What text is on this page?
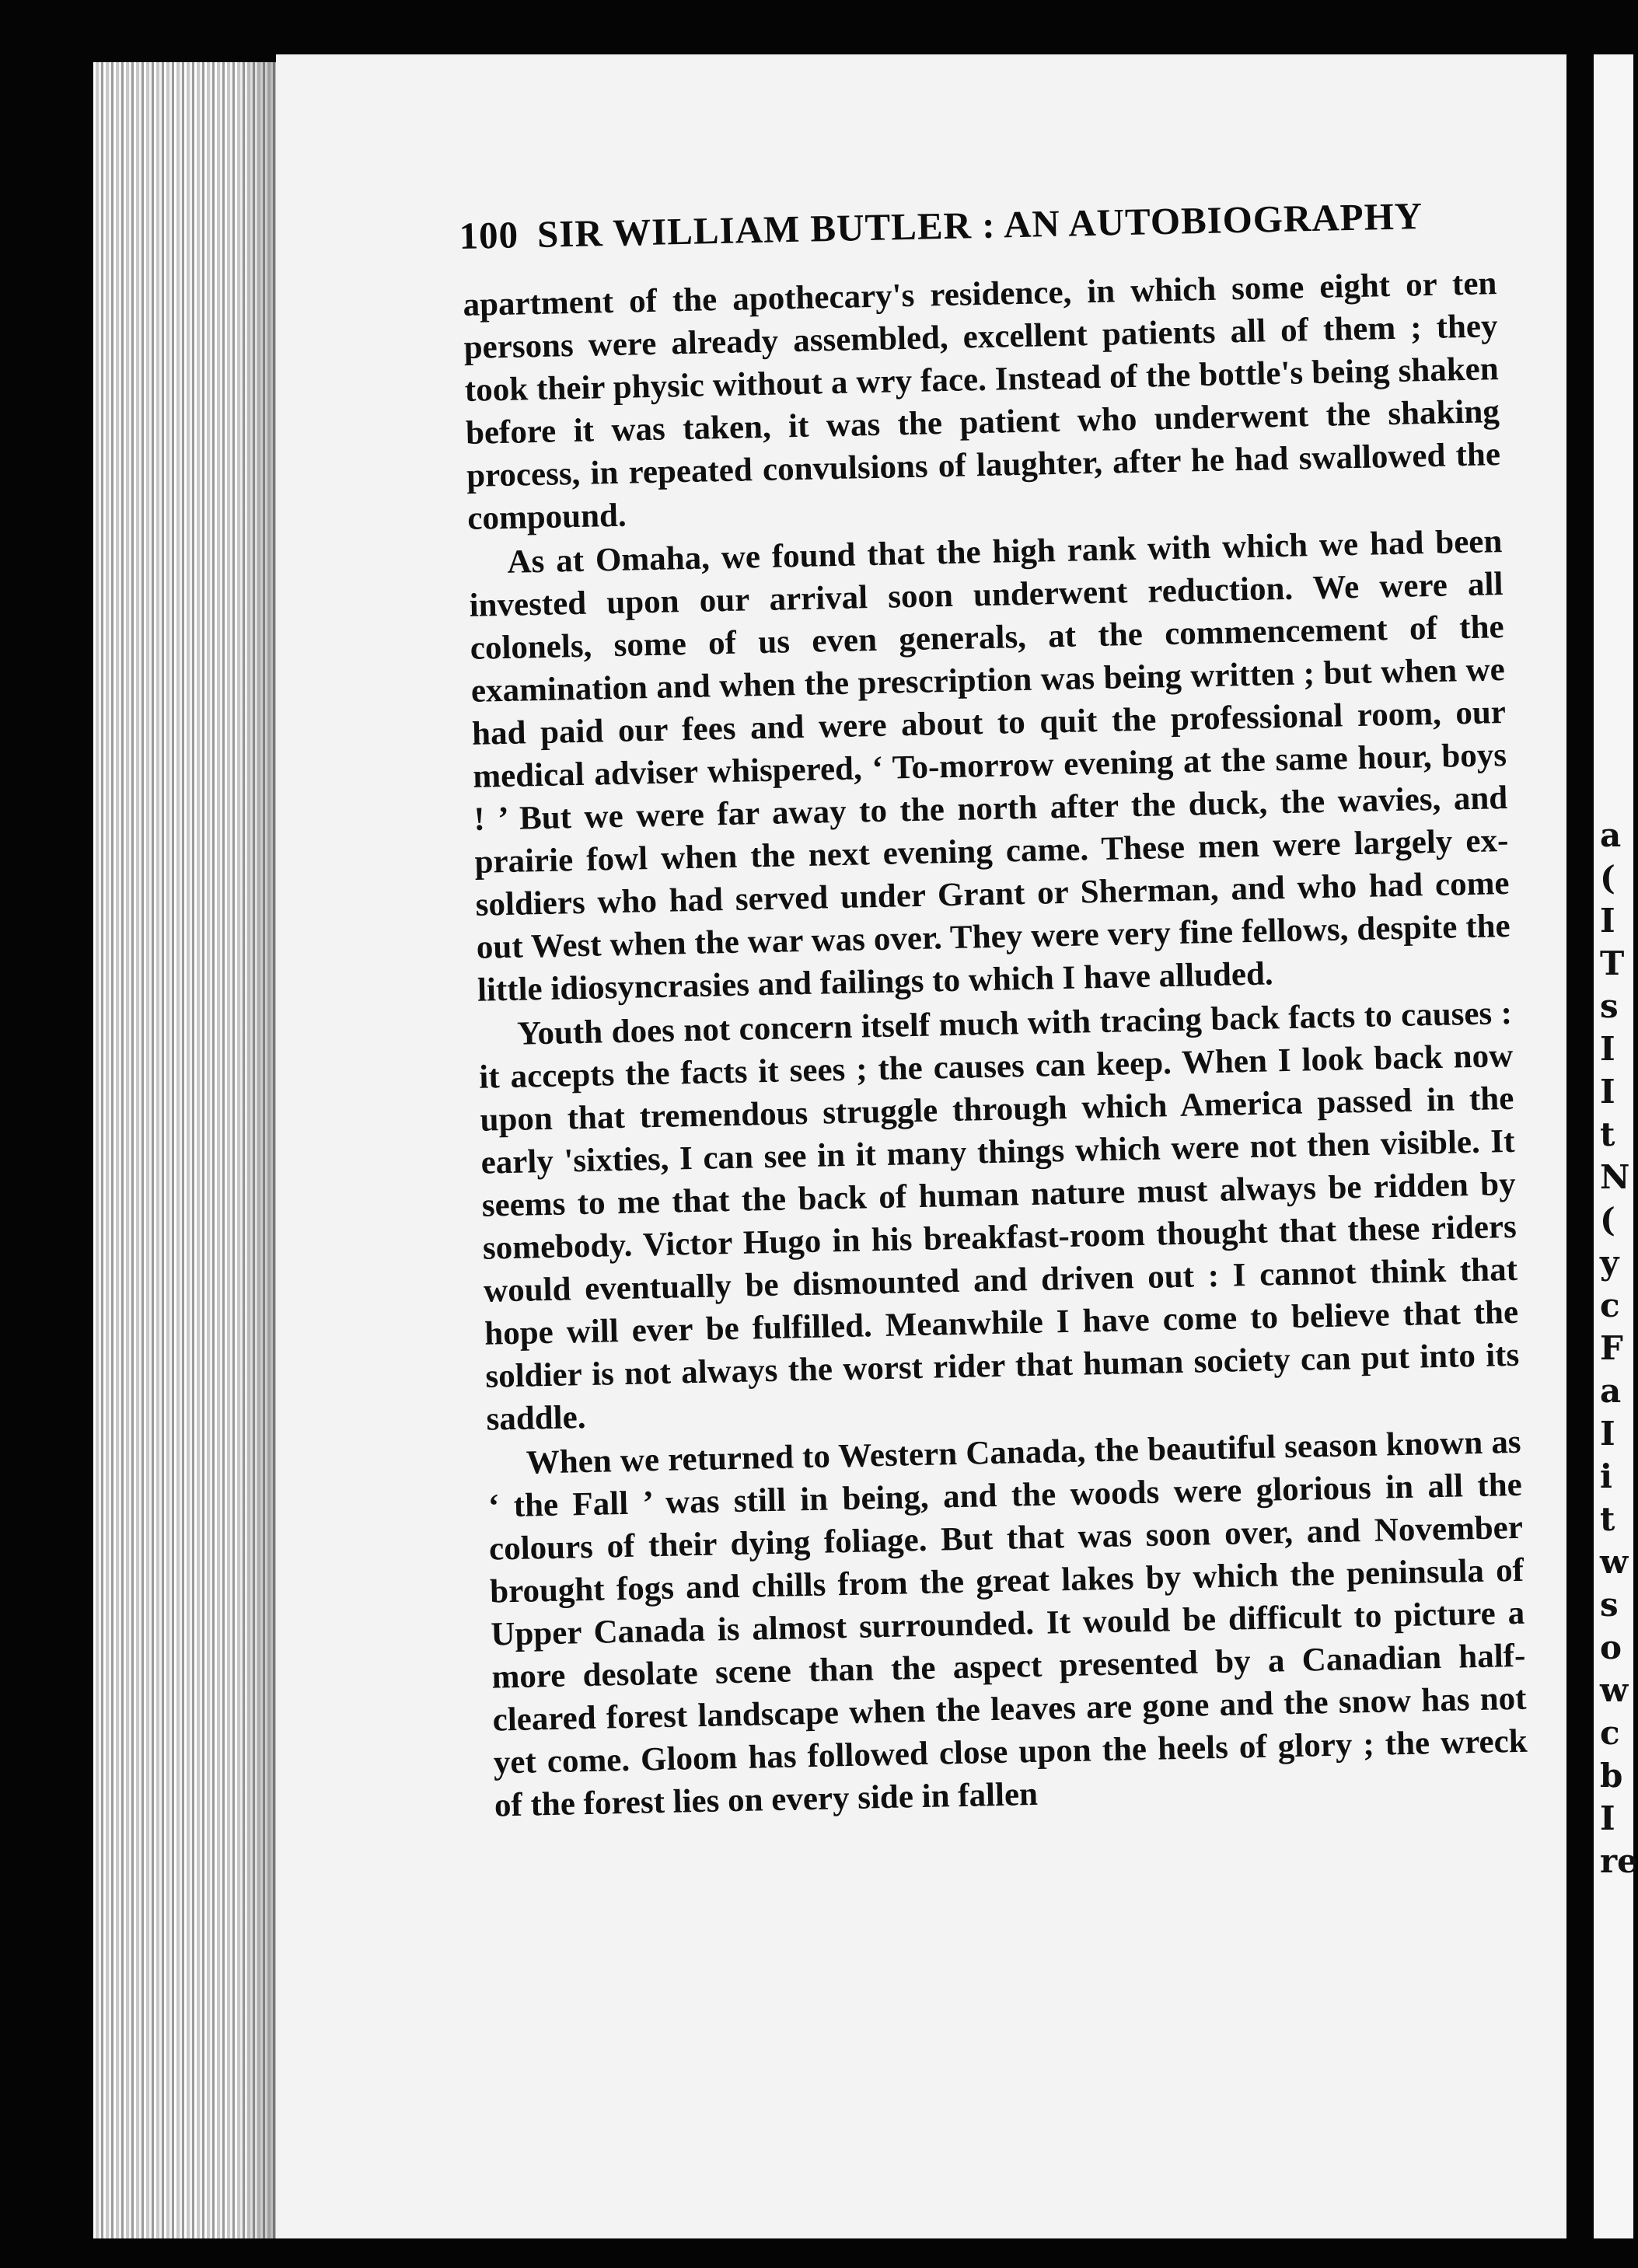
a
(
I
T
s
I
I
t
N
(
y
c
F
a
I
i
t
w
s
o
w
c
b
I
re
100 SIR WILLIAM BUTLER : AN AUTOBIOGRAPHY

apartment of the apothecary's residence, in which some eight or ten persons were already assembled, excellent patients all of them ; they took their physic without a wry face. Instead of the bottle's being shaken before it was taken, it was the patient who underwent the shaking process, in repeated convulsions of laughter, after he had swallowed the compound.

As at Omaha, we found that the high rank with which we had been invested upon our arrival soon underwent reduction. We were all colonels, some of us even generals, at the commencement of the examination and when the prescription was being written ; but when we had paid our fees and were about to quit the professional room, our medical adviser whispered, ‘ To-morrow evening at the same hour, boys ! ’ But we were far away to the north after the duck, the wavies, and prairie fowl when the next evening came. These men were largely ex-soldiers who had served under Grant or Sherman, and who had come out West when the war was over. They were very fine fellows, despite the little idiosyncrasies and failings to which I have alluded.

Youth does not concern itself much with tracing back facts to causes : it accepts the facts it sees ; the causes can keep. When I look back now upon that tremendous struggle through which America passed in the early 'sixties, I can see in it many things which were not then visible. It seems to me that the back of human nature must always be ridden by somebody. Victor Hugo in his breakfast-room thought that these riders would eventually be dismounted and driven out : I cannot think that hope will ever be fulfilled. Meanwhile I have come to believe that the soldier is not always the worst rider that human society can put into its saddle.

When we returned to Western Canada, the beautiful season known as ‘ the Fall ’ was still in being, and the woods were glorious in all the colours of their dying foliage. But that was soon over, and November brought fogs and chills from the great lakes by which the peninsula of Upper Canada is almost surrounded. It would be difficult to picture a more desolate scene than the aspect presented by a Canadian half-cleared forest landscape when the leaves are gone and the snow has not yet come. Gloom has followed close upon the heels of glory ; the wreck of the forest lies on every side in fallen
